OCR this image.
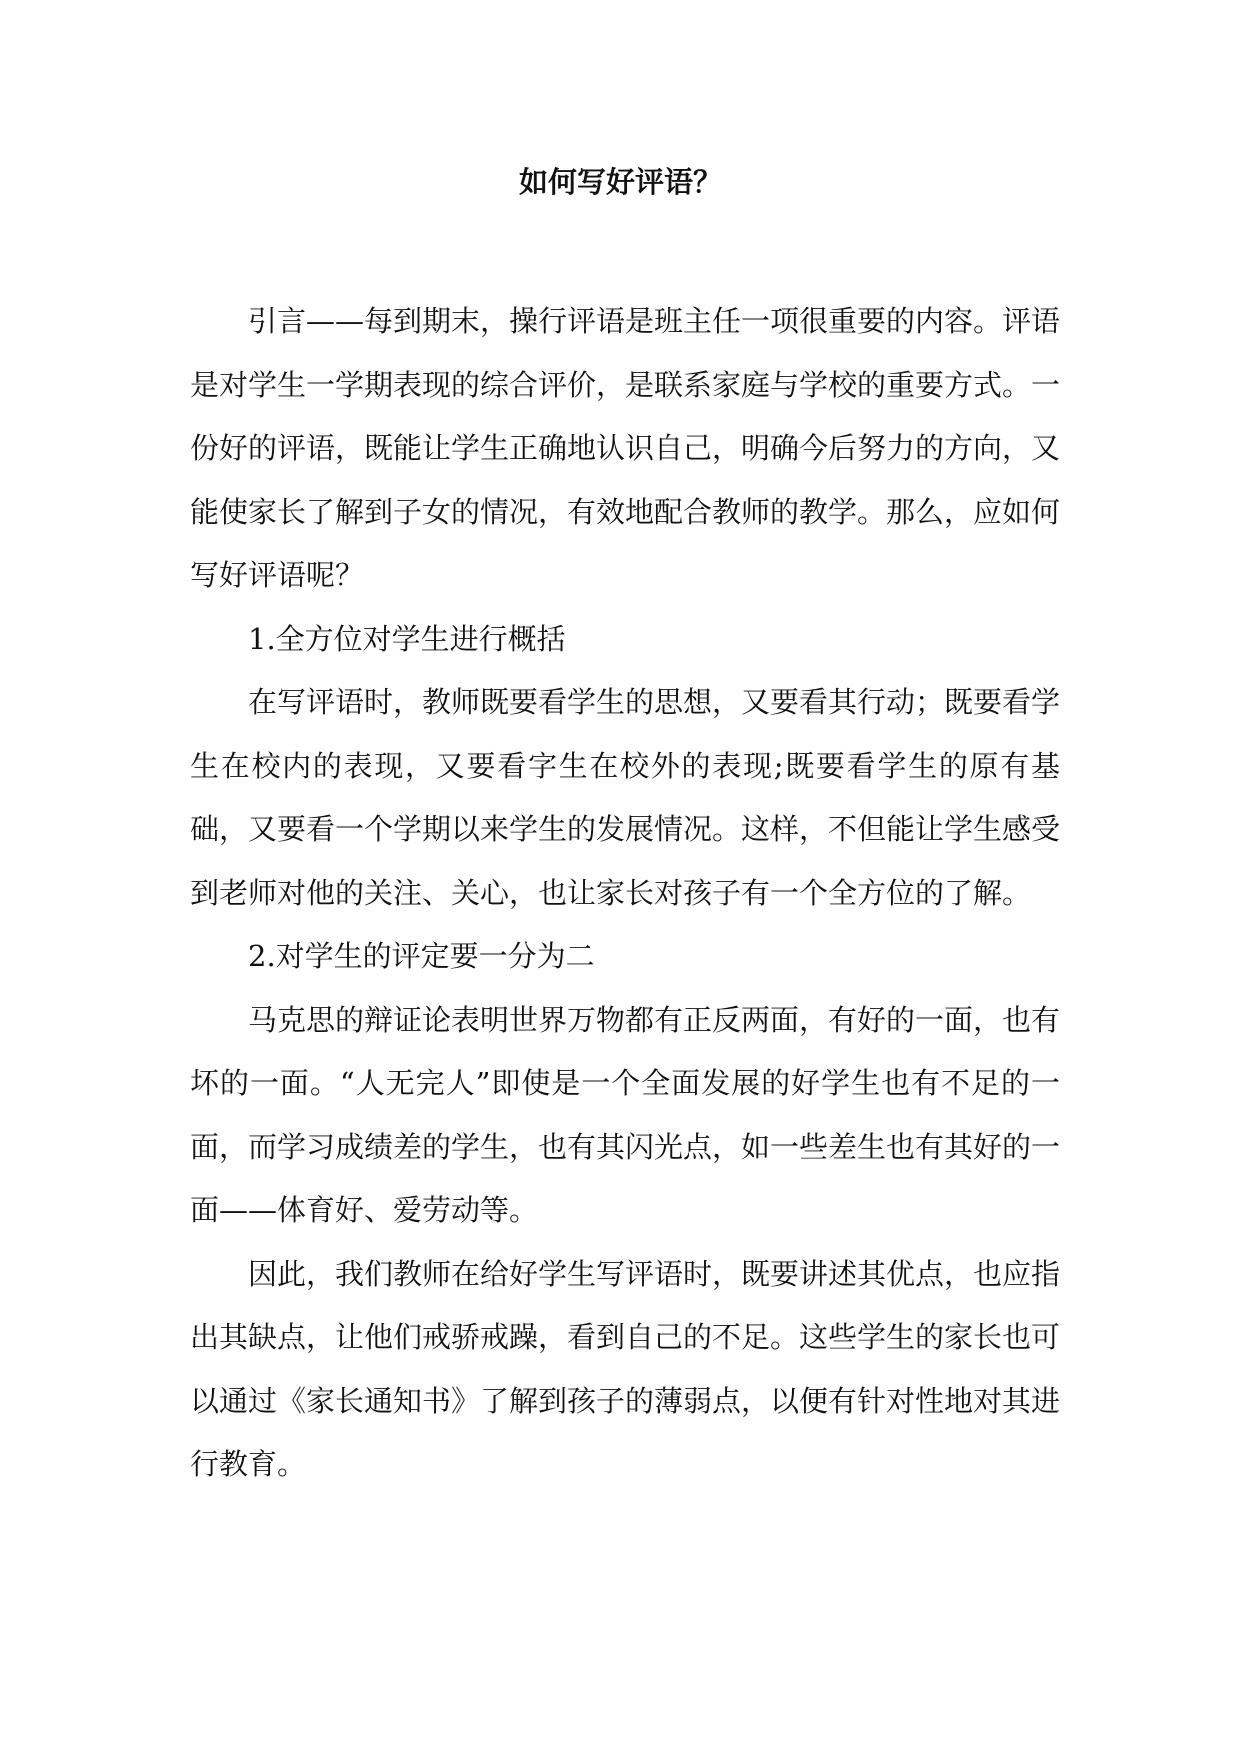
如何写好评语？

引言——每到期末，操行评语是班主任一项很重要的内容。评语是对学生一学期表现的综合评价，是联系家庭与学校的重要方式。一份好的评语，既能让学生正确地认识自己，明确今后努力的方向，又能使家长了解到子女的情况，有效地配合教师的教学。那么，应如何写好评语呢？

1.全方位对学生进行概括

在写评语时，教师既要看学生的思想，又要看其行动；既要看学生在校内的表现，又要看字生在校外的表现;既要看学生的原有基础，又要看一个学期以来学生的发展情况。这样，不但能让学生感受到老师对他的关注、关心，也让家长对孩子有一个全方位的了解。

2.对学生的评定要一分为二

马克思的辩证论表明世界万物都有正反两面，有好的一面，也有坏的一面。“人无完人”即使是一个全面发展的好学生也有不足的一面，而学习成绩差的学生，也有其闪光点，如一些差生也有其好的一面——体育好、爱劳动等。

因此，我们教师在给好学生写评语时，既要讲述其优点，也应指出其缺点，让他们戒骄戒躁，看到自己的不足。这些学生的家长也可以通过《家长通知书》了解到孩子的薄弱点，以便有针对性地对其进行教育。
